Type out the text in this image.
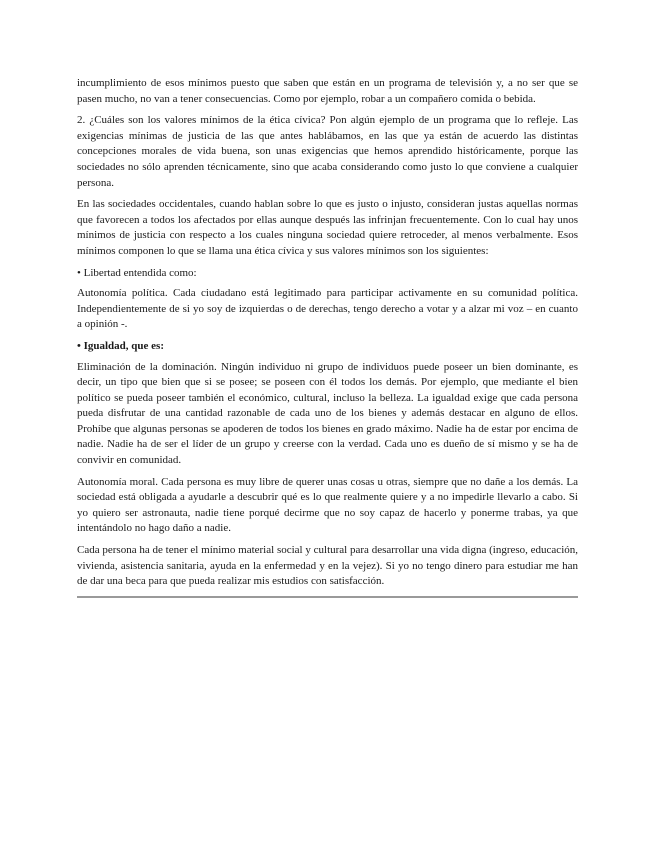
incumplimiento de esos mínimos puesto que saben que están en un programa de televisión y, a no ser que se pasen mucho, no van a tener consecuencias. Como por ejemplo, robar a un compañero comida o bebida.

2. ¿Cuáles son los valores mínimos de la ética cívica? Pon algún ejemplo de un programa que lo refleje. Las exigencias mínimas de justicia de las que antes hablábamos, en las que ya están de acuerdo las distintas concepciones morales de vida buena, son unas exigencias que hemos aprendido históricamente, porque las sociedades no sólo aprenden técnicamente, sino que acaba considerando como justo lo que conviene a cualquier persona.

En las sociedades occidentales, cuando hablan sobre lo que es justo o injusto, consideran justas aquellas normas que favorecen a todos los afectados por ellas aunque después las infrinjan frecuentemente. Con lo cual hay unos mínimos de justicia con respecto a los cuales ninguna sociedad quiere retroceder, al menos verbalmente. Esos mínimos componen lo que se llama una ética cívica y sus valores mínimos son los siguientes:

• Libertad entendida como:

Autonomía política. Cada ciudadano está legitimado para participar activamente en su comunidad política. Independientemente de si yo soy de izquierdas o de derechas, tengo derecho a votar y a alzar mi voz – en cuanto a opinión -.

• Igualdad, que es:

Eliminación de la dominación. Ningún individuo ni grupo de individuos puede poseer un bien dominante, es decir, un tipo que bien que si se posee; se poseen con él todos los demás. Por ejemplo, que mediante el bien político se pueda poseer también el económico, cultural, incluso la belleza. La igualdad exige que cada persona pueda disfrutar de una cantidad razonable de cada uno de los bienes y además destacar en alguno de ellos. Prohíbe que algunas personas se apoderen de todos los bienes en grado máximo. Nadie ha de estar por encima de nadie. Nadie ha de ser el líder de un grupo y creerse con la verdad. Cada uno es dueño de sí mismo y se ha de convivir en comunidad.

Autonomía moral. Cada persona es muy libre de querer unas cosas u otras, siempre que no dañe a los demás. La sociedad está obligada a ayudarle a descubrir qué es lo que realmente quiere y a no impedirle llevarlo a cabo. Si yo quiero ser astronauta, nadie tiene porqué decirme que no soy capaz de hacerlo y ponerme trabas, ya que intentándolo no hago daño a nadie.

Cada persona ha de tener el mínimo material social y cultural para desarrollar una vida digna (ingreso, educación, vivienda, asistencia sanitaria, ayuda en la enfermedad y en la vejez). Si yo no tengo dinero para estudiar me han de dar una beca para que pueda realizar mis estudios con satisfacción.
